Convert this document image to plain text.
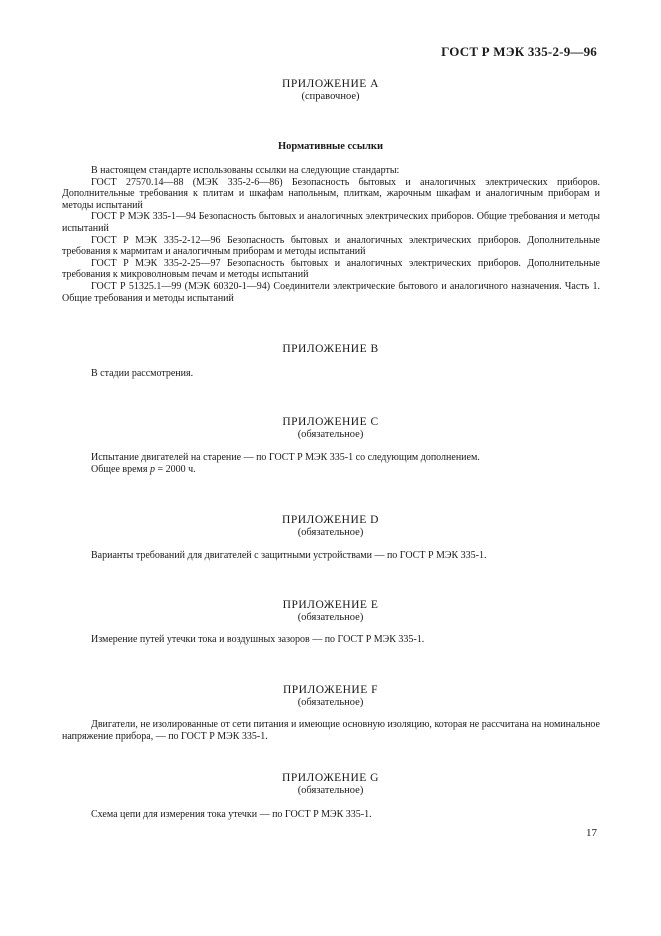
ГОСТ Р МЭК 335-2-9—96
ПРИЛОЖЕНИЕ А
(справочное)
Нормативные ссылки

В настоящем стандарте использованы ссылки на следующие стандарты:

ГОСТ 27570.14—88 (МЭК 335-2-6—86) Безопасность бытовых и аналогичных электрических приборов. Дополнительные требования к плитам и шкафам напольным, плиткам, жарочным шкафам и аналогичным приборам и методы испытаний

ГОСТ Р МЭК 335-1—94 Безопасность бытовых и аналогичных электрических приборов. Общие требования и методы испытаний

ГОСТ Р МЭК 335-2-12—96 Безопасность бытовых и аналогичных электрических приборов. Дополнительные требования к мармитам и аналогичным приборам и методы испытаний

ГОСТ Р МЭК 335-2-25—97 Безопасность бытовых и аналогичных электрических приборов. Дополнительные требования к микроволновым печам и методы испытаний

ГОСТ Р 51325.1—99 (МЭК 60320-1—94) Соединители электрические бытового и аналогичного назначения. Часть 1. Общие требования и методы испытаний

ПРИЛОЖЕНИЕ В

В стадии рассмотрения.

ПРИЛОЖЕНИЕ С
(обязательное)

Испытание двигателей на старение — по ГОСТ Р МЭК 335-1 со следующим дополнением.

Общее время p = 2000 ч.

ПРИЛОЖЕНИЕ D
(обязательное)

Варианты требований для двигателей с защитными устройствами — по ГОСТ Р МЭК 335-1.

ПРИЛОЖЕНИЕ Е
(обязательное)

Измерение путей утечки тока и воздушных зазоров — по ГОСТ Р МЭК 335-1.

ПРИЛОЖЕНИЕ F
(обязательное)

Двигатели, не изолированные от сети питания и имеющие основную изоляцию, которая не рассчитана на номинальное напряжение прибора, — по ГОСТ Р МЭК 335-1.

ПРИЛОЖЕНИЕ G
(обязательное)

Схема цепи для измерения тока утечки — по ГОСТ Р МЭК 335-1.

17
